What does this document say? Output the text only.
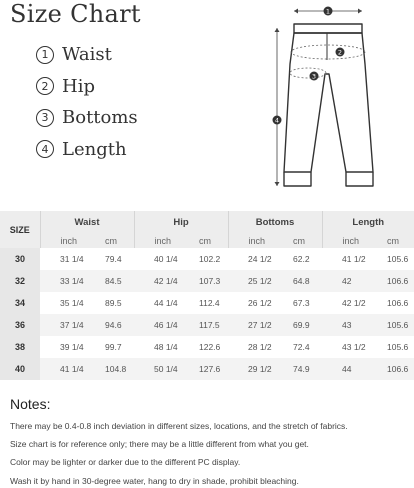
Size Chart
1 Waist
2 Hip
3 Bottoms
4 Length
1
2
3
4
SIZE	Waist		Hip		Bottoms		Length	
	inch	cm	inch	cm	inch	cm	inch	cm
30	31 1/4	79.4	40 1/4	102.2	24 1/2	62.2	41 1/2	105.6
32	33 1/4	84.5	42 1/4	107.3	25 1/2	64.8	42	106.6
34	35 1/4	89.5	44 1/4	112.4	26 1/2	67.3	42 1/2	106.6
36	37 1/4	94.6	46 1/4	117.5	27 1/2	69.9	43	105.6
38	39 1/4	99.7	48 1/4	122.6	28 1/2	72.4	43 1/2	105.6
40	41 1/4	104.8	50 1/4	127.6	29 1/2	74.9	44	106.6
Notes:
There may be 0.4-0.8 inch deviation in different sizes, locations, and the stretch of fabrics.
Size chart is for reference only; there may be a little different from what you get.
Color may be lighter or darker due to the different PC display.
Wash it by hand in 30-degree water, hang to dry in shade, prohibit bleaching.
